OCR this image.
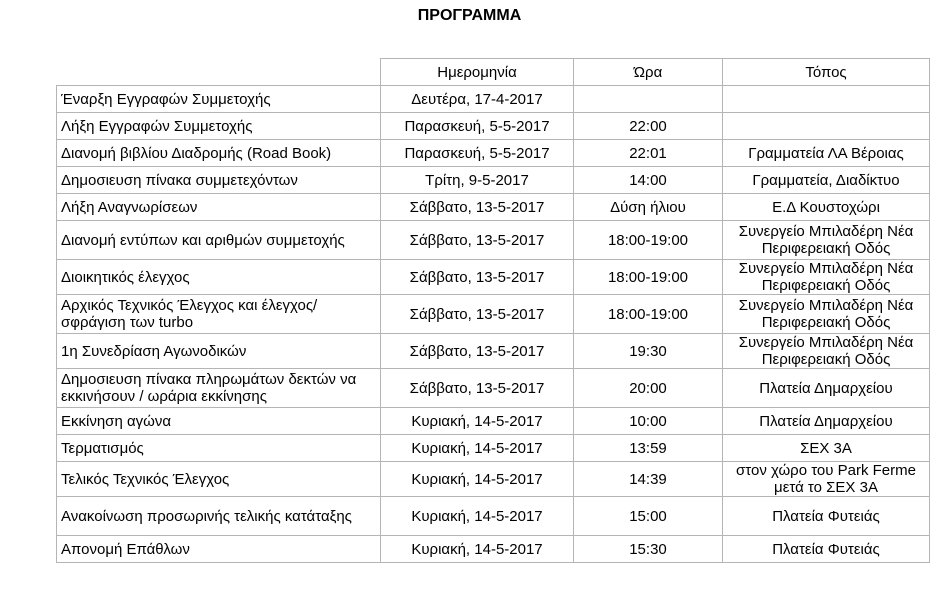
ΠΡΟΓΡΑΜΜΑ
	Ημερομηνία	Ώρα	Τόπος
Έναρξη Εγγραφών Συμμετοχής	Δευτέρα, 17-4-2017		
Λήξη Εγγραφών Συμμετοχής	Παρασκευή, 5-5-2017	22:00	
Διανομή βιβλίου Διαδρομής (Road Book)	Παρασκευή, 5-5-2017	22:01	Γραμματεία ΛΑ Βέροιας
Δημοσιευση πίνακα συμμετεχόντων	Τρίτη, 9-5-2017	14:00	Γραμματεία, Διαδίκτυο
Λήξη Αναγνωρίσεων	Σάββατο, 13-5-2017	Δύση ήλιου	Ε.Δ Κουστοχώρι
Διανομή εντύπων και αριθμών συμμετοχής	Σάββατο, 13-5-2017	18:00-19:00	Συνεργείο Μπιλαδέρη Νέα Περιφερειακή Οδός
Διοικητικός έλεγχος	Σάββατο, 13-5-2017	18:00-19:00	Συνεργείο Μπιλαδέρη Νέα Περιφερειακή Οδός
Αρχικός Τεχνικός Έλεγχος και έλεγχος/σφράγιση των turbo	Σάββατο, 13-5-2017	18:00-19:00	Συνεργείο Μπιλαδέρη Νέα Περιφερειακή Οδός
1η Συνεδρίαση Αγωνοδικών	Σάββατο, 13-5-2017	19:30	Συνεργείο Μπιλαδέρη Νέα Περιφερειακή Οδός
Δημοσιευση πίνακα πληρωμάτων δεκτών να εκκινήσουν / ωράρια εκκίνησης	Σάββατο, 13-5-2017	20:00	Πλατεία Δημαρχείου
Εκκίνηση αγώνα	Κυριακή, 14-5-2017	10:00	Πλατεία Δημαρχείου
Τερματισμός	Κυριακή, 14-5-2017	13:59	ΣΕΧ 3Α
Τελικός Τεχνικός Έλεγχος	Κυριακή, 14-5-2017	14:39	στον χώρο του Park Ferme μετά το ΣΕΧ 3Α
Ανακοίνωση προσωρινής τελικής κατάταξης	Κυριακή, 14-5-2017	15:00	Πλατεία Φυτειάς
Απονομή Επάθλων	Κυριακή, 14-5-2017	15:30	Πλατεία Φυτειάς
